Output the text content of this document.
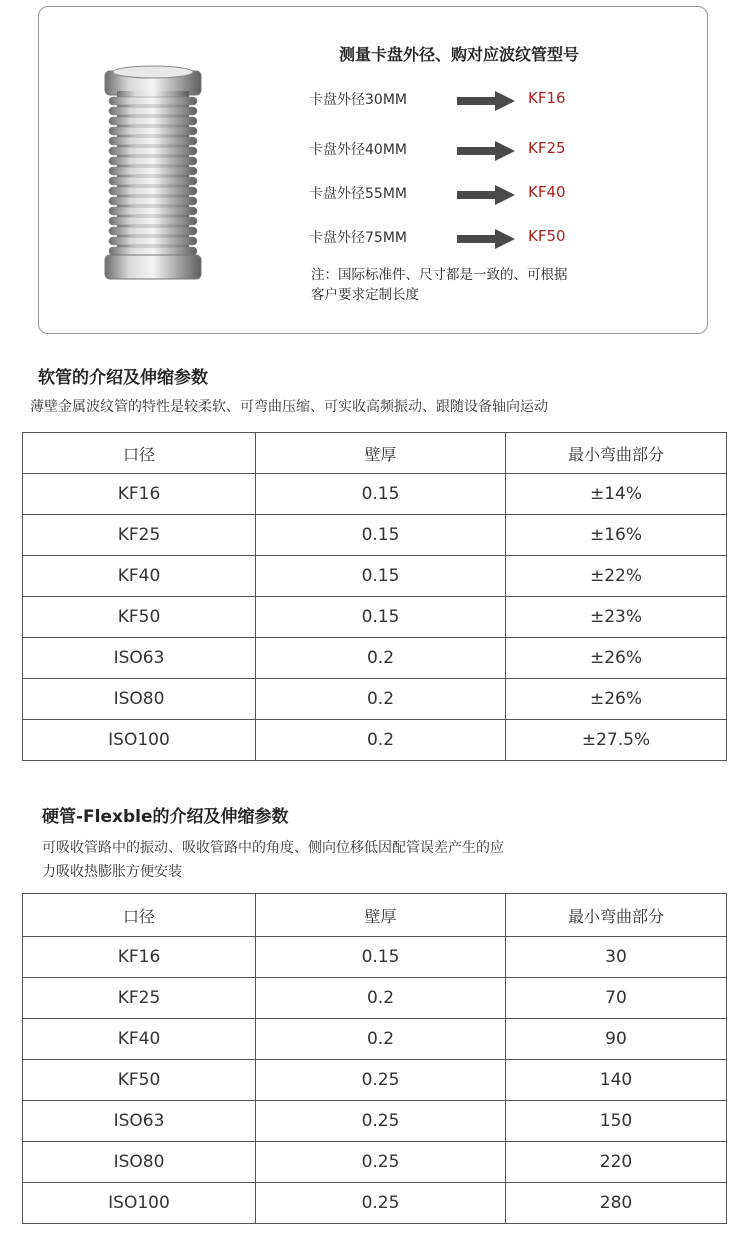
测量卡盘外径、购对应波纹管型号
卡盘外径30MM	KF16
卡盘外径40MM	KF25
卡盘外径55MM	KF40
卡盘外径75MM	KF50
注：国际标准件、尺寸都是一致的、可根据
客户要求定制长度
软管的介绍及伸缩参数
薄壁金属波纹管的特性是较柔软、可弯曲压缩、可实收高频振动、跟随设备轴向运动
口径	壁厚	最小弯曲部分
KF16	0.15	±14%
KF25	0.15	±16%
KF40	0.15	±22%
KF50	0.15	±23%
ISO63	0.2	±26%
ISO80	0.2	±26%
ISO100	0.2	±27.5%
硬管-Flexble的介绍及伸缩参数
可吸收管路中的振动、吸收管路中的角度、侧向位移低因配管误差产生的应
力吸收热膨胀方便安装
口径	壁厚	最小弯曲部分
KF16	0.15	30
KF25	0.2	70
KF40	0.2	90
KF50	0.25	140
ISO63	0.25	150
ISO80	0.25	220
ISO100	0.25	280
